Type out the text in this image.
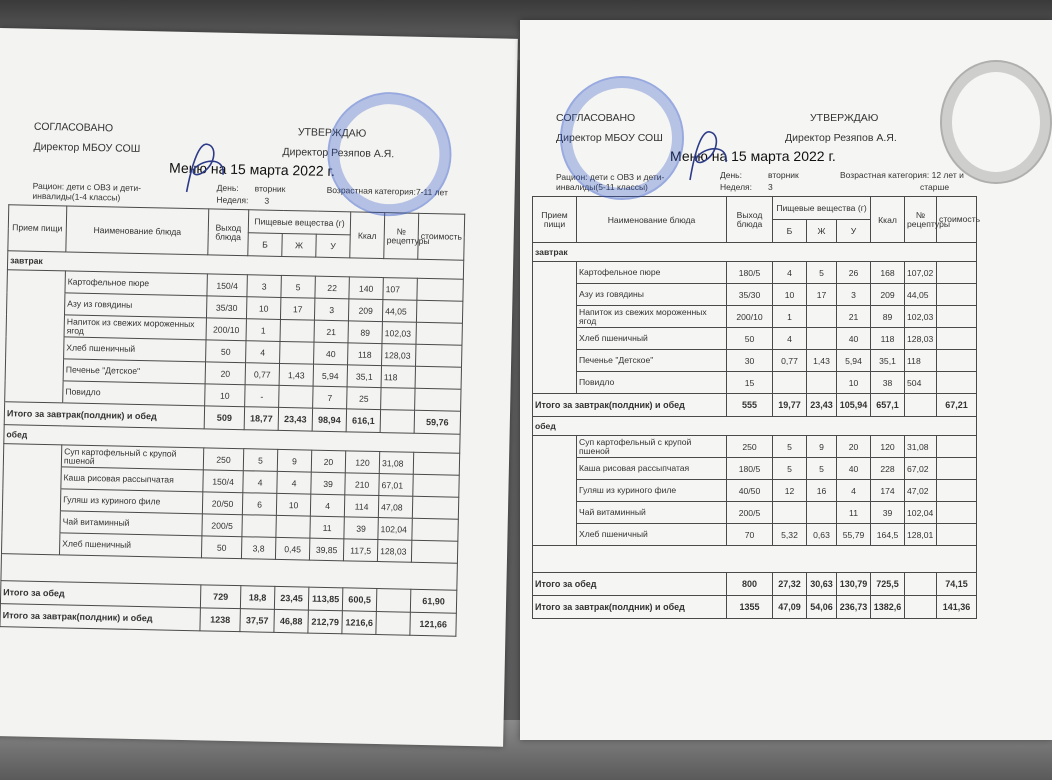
СОГЛАСОВАНО
Директор МБОУ СОШ
УТВЕРЖДАЮ
Директор Резяпов А.Я.
Меню на 15 марта 2022 г.
Рацион: дети с ОВЗ и дети-инвалиды(1-4 классы)
День: вторник
Неделя: 3
Возрастная категория:7-11 лет
Прием пищи	Наименование блюда	Выход блюда	Пищевые вещества (г)			Ккал	№ рецептуры	стоимость
			Б	Ж	У			
завтрак								
	Картофельное пюре	150/4	3	5	22	140	107	
	Азу из говядины	35/30	10	17	3	209	44,05	
	Напиток из свежих мороженных ягод	200/10	1		21	89	102,03	
	Хлеб пшеничный	50	4		40	118	128,03	
	Печенье "Детское"	20	0,77	1,43	5,94	35,1	118	
	Повидло	10	-		7	25		
Итого за завтрак(полдник) и обед		509	18,77	23,43	98,94	616,1		59,76
обед								
	Суп картофельный с крупой пшеной	250	5	9	20	120	31,08	
	Каша рисовая рассыпчатая	150/4	4	4	39	210	67,01	
	Гуляш из куриного филе	20/50	6	10	4	114	47,08	
	Чай витаминный	200/5			11	39	102,04	
	Хлеб пшеничный	50	3,8	0,45	39,85	117,5	128,03	

Итого за обед		729	18,8	23,45	113,85	600,5		61,90
Итого за завтрак(полдник) и обед		1238	37,57	46,88	212,79	1216,6		121,66
СОГЛАСОВАНО
Директор МБОУ СОШ
УТВЕРЖДАЮ
Директор Резяпов А.Я.
Меню на 15 марта 2022 г.
Рацион: дети с ОВЗ и дети-инвалиды(5-11 классы)
День:	вторник
Неделя: 3
Возрастная категория: 12 лет и
старше
Прием пищи	Наименование блюда	Выход блюда	Пищевые вещества (г)			Ккал	№ рецептуры	стоимость
			Б	Ж	У			
завтрак								
	Картофельное пюре	180/5	4	5	26	168	107,02	
	Азу из говядины	35/30	10	17	3	209	44,05	
	Напиток из свежих мороженных ягод	200/10	1		21	89	102,03	
	Хлеб пшеничный	50	4		40	118	128,03	
	Печенье "Детское"	30	0,77	1,43	5,94	35,1	118	
	Повидло	15			10	38	504	
Итого за завтрак(полдник) и обед		555	19,77	23,43	105,94	657,1		67,21
обед								
	Суп картофельный с крупой пшеной	250	5	9	20	120	31,08	
	Каша рисовая рассыпчатая	180/5	5	5	40	228	67,02	
	Гуляш из куриного филе	40/50	12	16	4	174	47,02	
	Чай витаминный	200/5			11	39	102,04	
	Хлеб пшеничный	70	5,32	0,63	55,79	164,5	128,01	

Итого за обед		800	27,32	30,63	130,79	725,5		74,15
Итого за завтрак(полдник) и обед		1355	47,09	54,06	236,73	1382,6		141,36
